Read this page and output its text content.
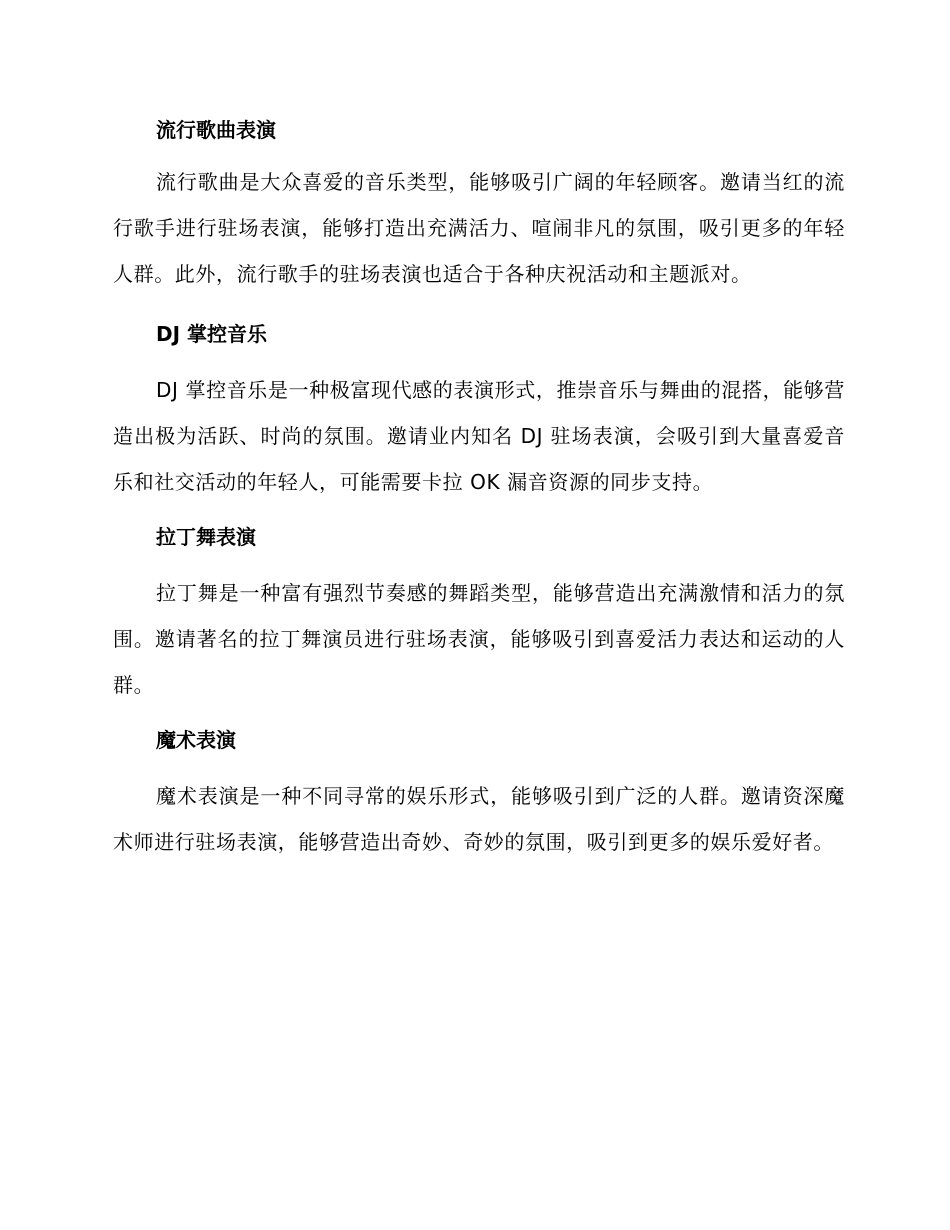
流行歌曲表演

流行歌曲是大众喜爱的音乐类型，能够吸引广阔的年轻顾客。邀请当红的流行歌手进行驻场表演，能够打造出充满活力、喧闹非凡的氛围，吸引更多的年轻人群。此外，流行歌手的驻场表演也适合于各种庆祝活动和主题派对。

DJ 掌控音乐

DJ 掌控音乐是一种极富现代感的表演形式，推崇音乐与舞曲的混搭，能够营造出极为活跃、时尚的氛围。邀请业内知名 DJ 驻场表演，会吸引到大量喜爱音乐和社交活动的年轻人，可能需要卡拉 OK 漏音资源的同步支持。

拉丁舞表演

拉丁舞是一种富有强烈节奏感的舞蹈类型，能够营造出充满激情和活力的氛围。邀请著名的拉丁舞演员进行驻场表演，能够吸引到喜爱活力表达和运动的人群。

魔术表演

魔术表演是一种不同寻常的娱乐形式，能够吸引到广泛的人群。邀请资深魔术师进行驻场表演，能够营造出奇妙、奇妙的氛围，吸引到更多的娱乐爱好者。
